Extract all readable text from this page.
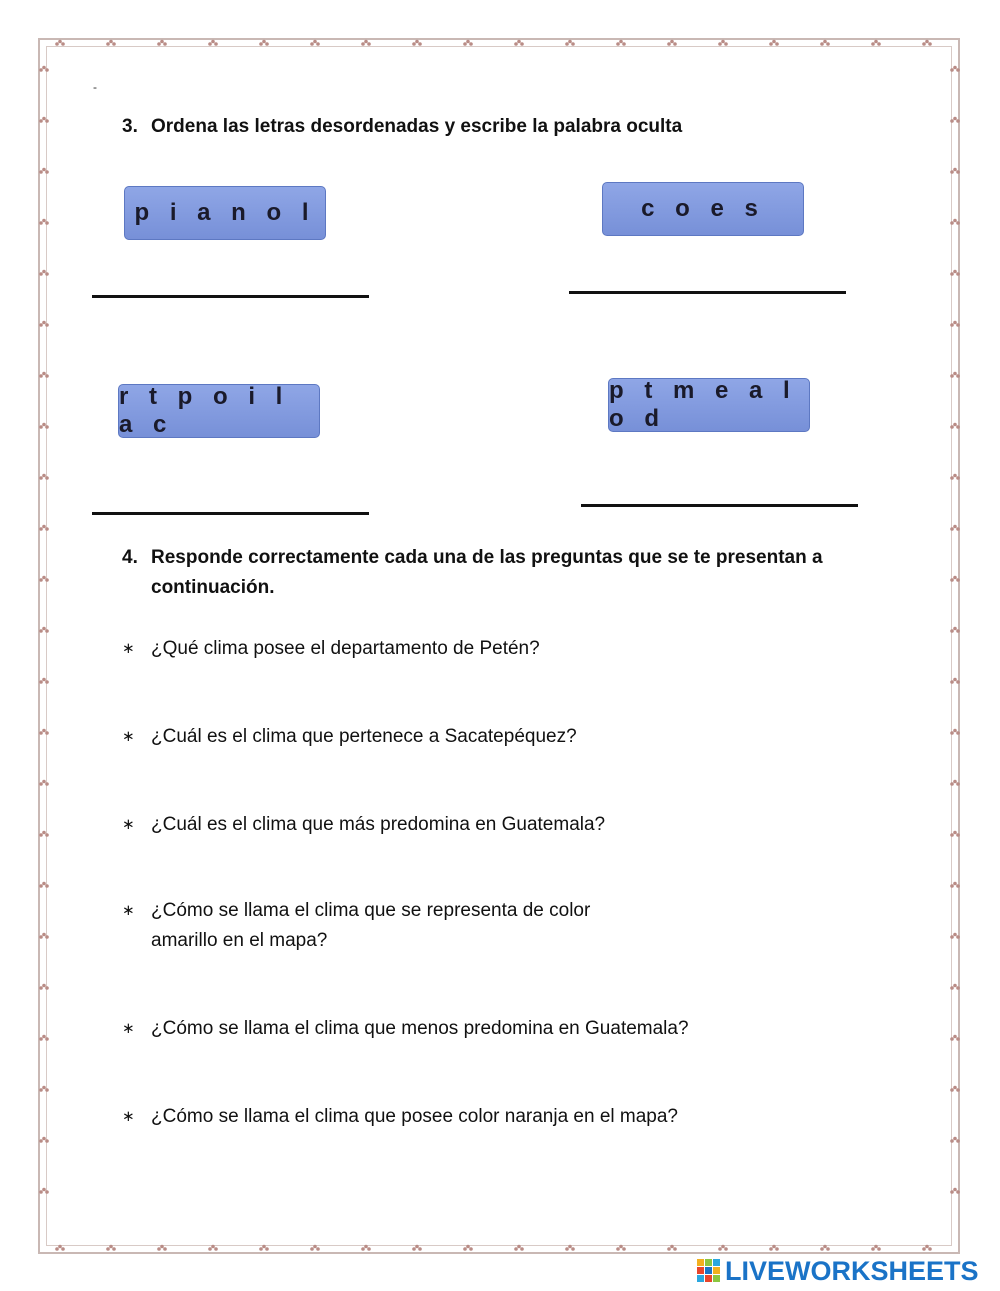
-
3. Ordena las letras desordenadas y escribe la palabra oculta
p i a n o l	c o e s
r t p o i l a c
p t m e a l o d
4. Responde correctamente cada una de las preguntas que se te presentan a continuación.
∗ ¿Qué clima posee el departamento de Petén?
∗ ¿Cuál es el clima que pertenece a Sacatepéquez?
∗ ¿Cuál es el clima que más predomina en Guatemala?
∗ ¿Cómo se llama el clima que se representa de color amarillo en el mapa?
∗ ¿Cómo se llama el clima que menos predomina en Guatemala?
∗ ¿Cómo se llama el clima que posee color naranja en el mapa?
LIVEWORKSHEETS
